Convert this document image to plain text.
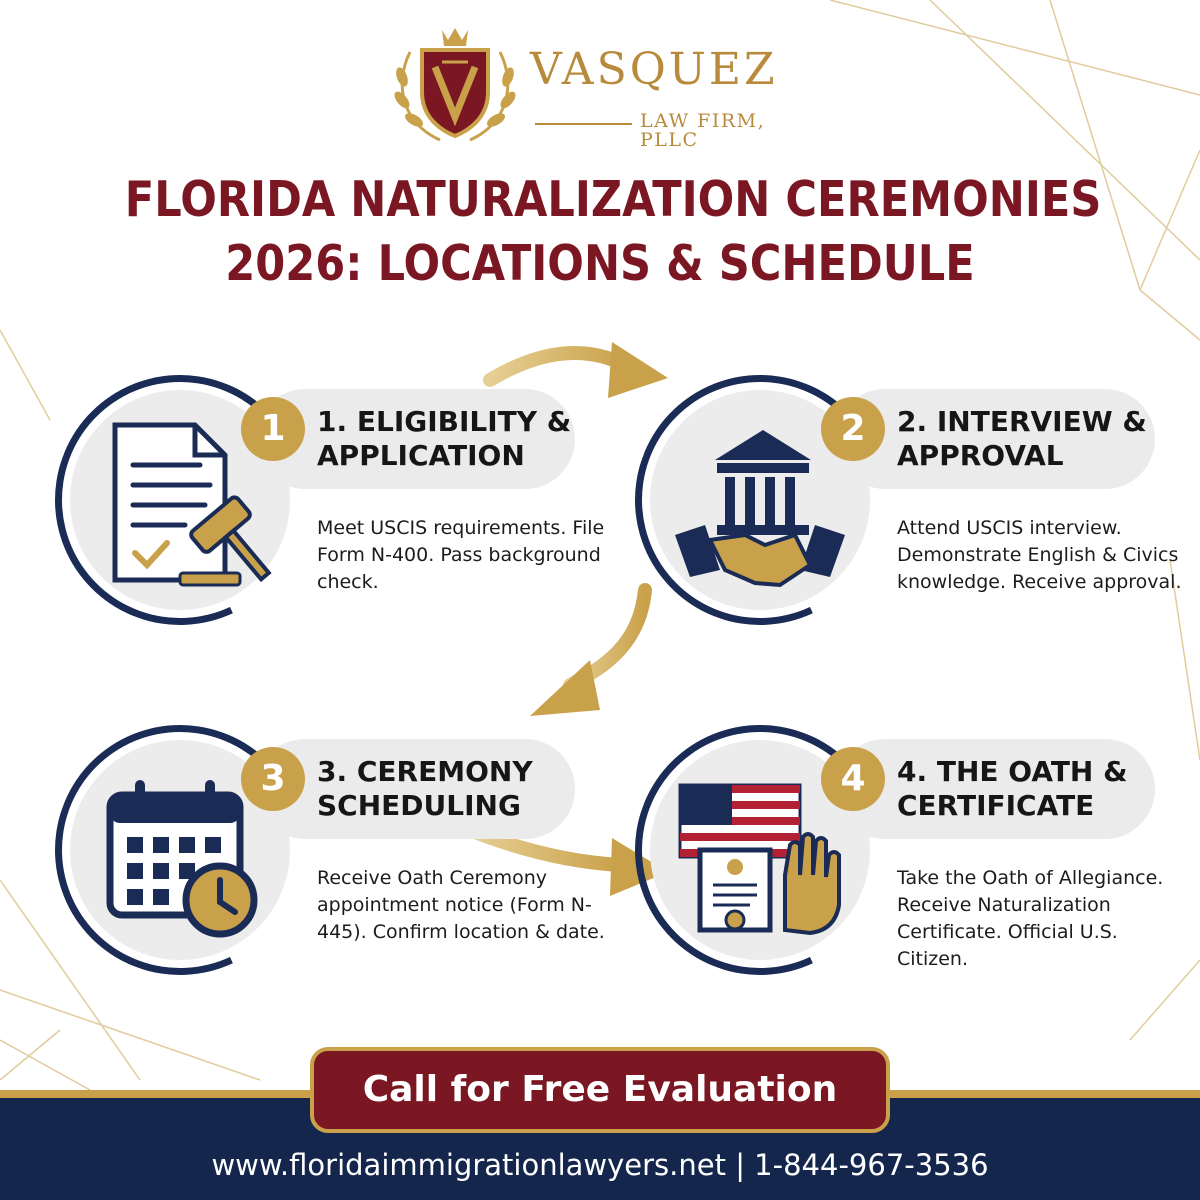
VASQUEZ
LAW FIRM, PLLC
FLORIDA NATURALIZATION CEREMONIES
2026: LOCATIONS & SCHEDULE
1	1. ELIGIBILITY & APPLICATION
Meet USCIS requirements. File Form N-400. Pass background check.
2	2. INTERVIEW & APPROVAL
Attend USCIS interview. Demonstrate English & Civics knowledge. Receive approval.
3	3. CEREMONY SCHEDULING
Receive Oath Ceremony appointment notice (Form N-445). Confirm location & date.
4	4. THE OATH & CERTIFICATE
Take the Oath of Allegiance. Receive Naturalization Certificate. Official U.S. Citizen.
Call for Free Evaluation
www.floridaimmigrationlawyers.net | 1-844-967-3536
